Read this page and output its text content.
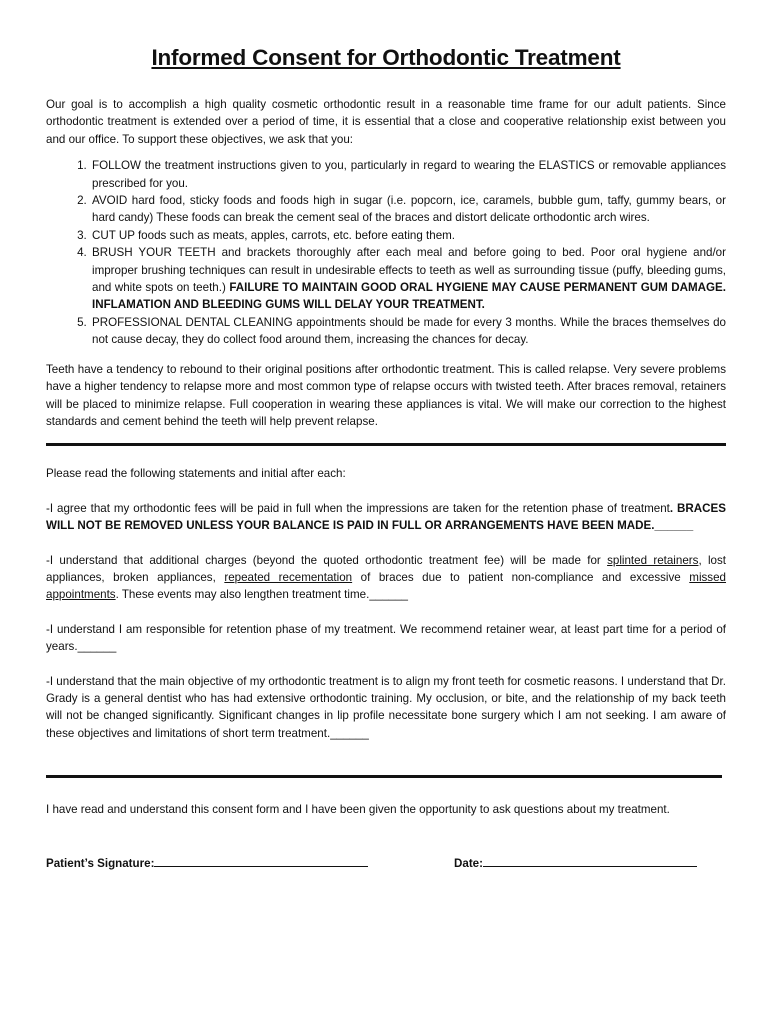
Informed Consent for Orthodontic Treatment

Our goal is to accomplish a high quality cosmetic orthodontic result in a reasonable time frame for our adult patients. Since orthodontic treatment is extended over a period of time, it is essential that a close and cooperative relationship exist between you and our office. To support these objectives, we ask that you:

1. FOLLOW the treatment instructions given to you, particularly in regard to wearing the ELASTICS or removable appliances prescribed for you.
2. AVOID hard food, sticky foods and foods high in sugar (i.e. popcorn, ice, caramels, bubble gum, taffy, gummy bears, or hard candy) These foods can break the cement seal of the braces and distort delicate orthodontic arch wires.
3. CUT UP foods such as meats, apples, carrots, etc. before eating them.
4. BRUSH YOUR TEETH and brackets thoroughly after each meal and before going to bed. Poor oral hygiene and/or improper brushing techniques can result in undesirable effects to teeth as well as surrounding tissue (puffy, bleeding gums, and white spots on teeth.) FAILURE TO MAINTAIN GOOD ORAL HYGIENE MAY CAUSE PERMANENT GUM DAMAGE. INFLAMATION AND BLEEDING GUMS WILL DELAY YOUR TREATMENT.
5. PROFESSIONAL DENTAL CLEANING appointments should be made for every 3 months. While the braces themselves do not cause decay, they do collect food around them, increasing the chances for decay.

Teeth have a tendency to rebound to their original positions after orthodontic treatment. This is called relapse. Very severe problems have a higher tendency to relapse more and most common type of relapse occurs with twisted teeth. After braces removal, retainers will be placed to minimize relapse. Full cooperation in wearing these appliances is vital. We will make our correction to the highest standards and cement behind the teeth will help prevent relapse.

Please read the following statements and initial after each:

-I agree that my orthodontic fees will be paid in full when the impressions are taken for the retention phase of treatment. BRACES WILL NOT BE REMOVED UNLESS YOUR BALANCE IS PAID IN FULL OR ARRANGEMENTS HAVE BEEN MADE.______

-I understand that additional charges (beyond the quoted orthodontic treatment fee) will be made for splinted retainers, lost appliances, broken appliances, repeated recementation of braces due to patient non-compliance and excessive missed appointments. These events may also lengthen treatment time.______

-I understand I am responsible for retention phase of my treatment. We recommend retainer wear, at least part time for a period of years.______

-I understand that the main objective of my orthodontic treatment is to align my front teeth for cosmetic reasons. I understand that Dr. Grady is a general dentist who has had extensive orthodontic training. My occlusion, or bite, and the relationship of my back teeth will not be changed significantly. Significant changes in lip profile necessitate bone surgery which I am not seeking. I am aware of these objectives and limitations of short term treatment.______

I have read and understand this consent form and I have been given the opportunity to ask questions about my treatment.

Patient’s Signature:	Date:
